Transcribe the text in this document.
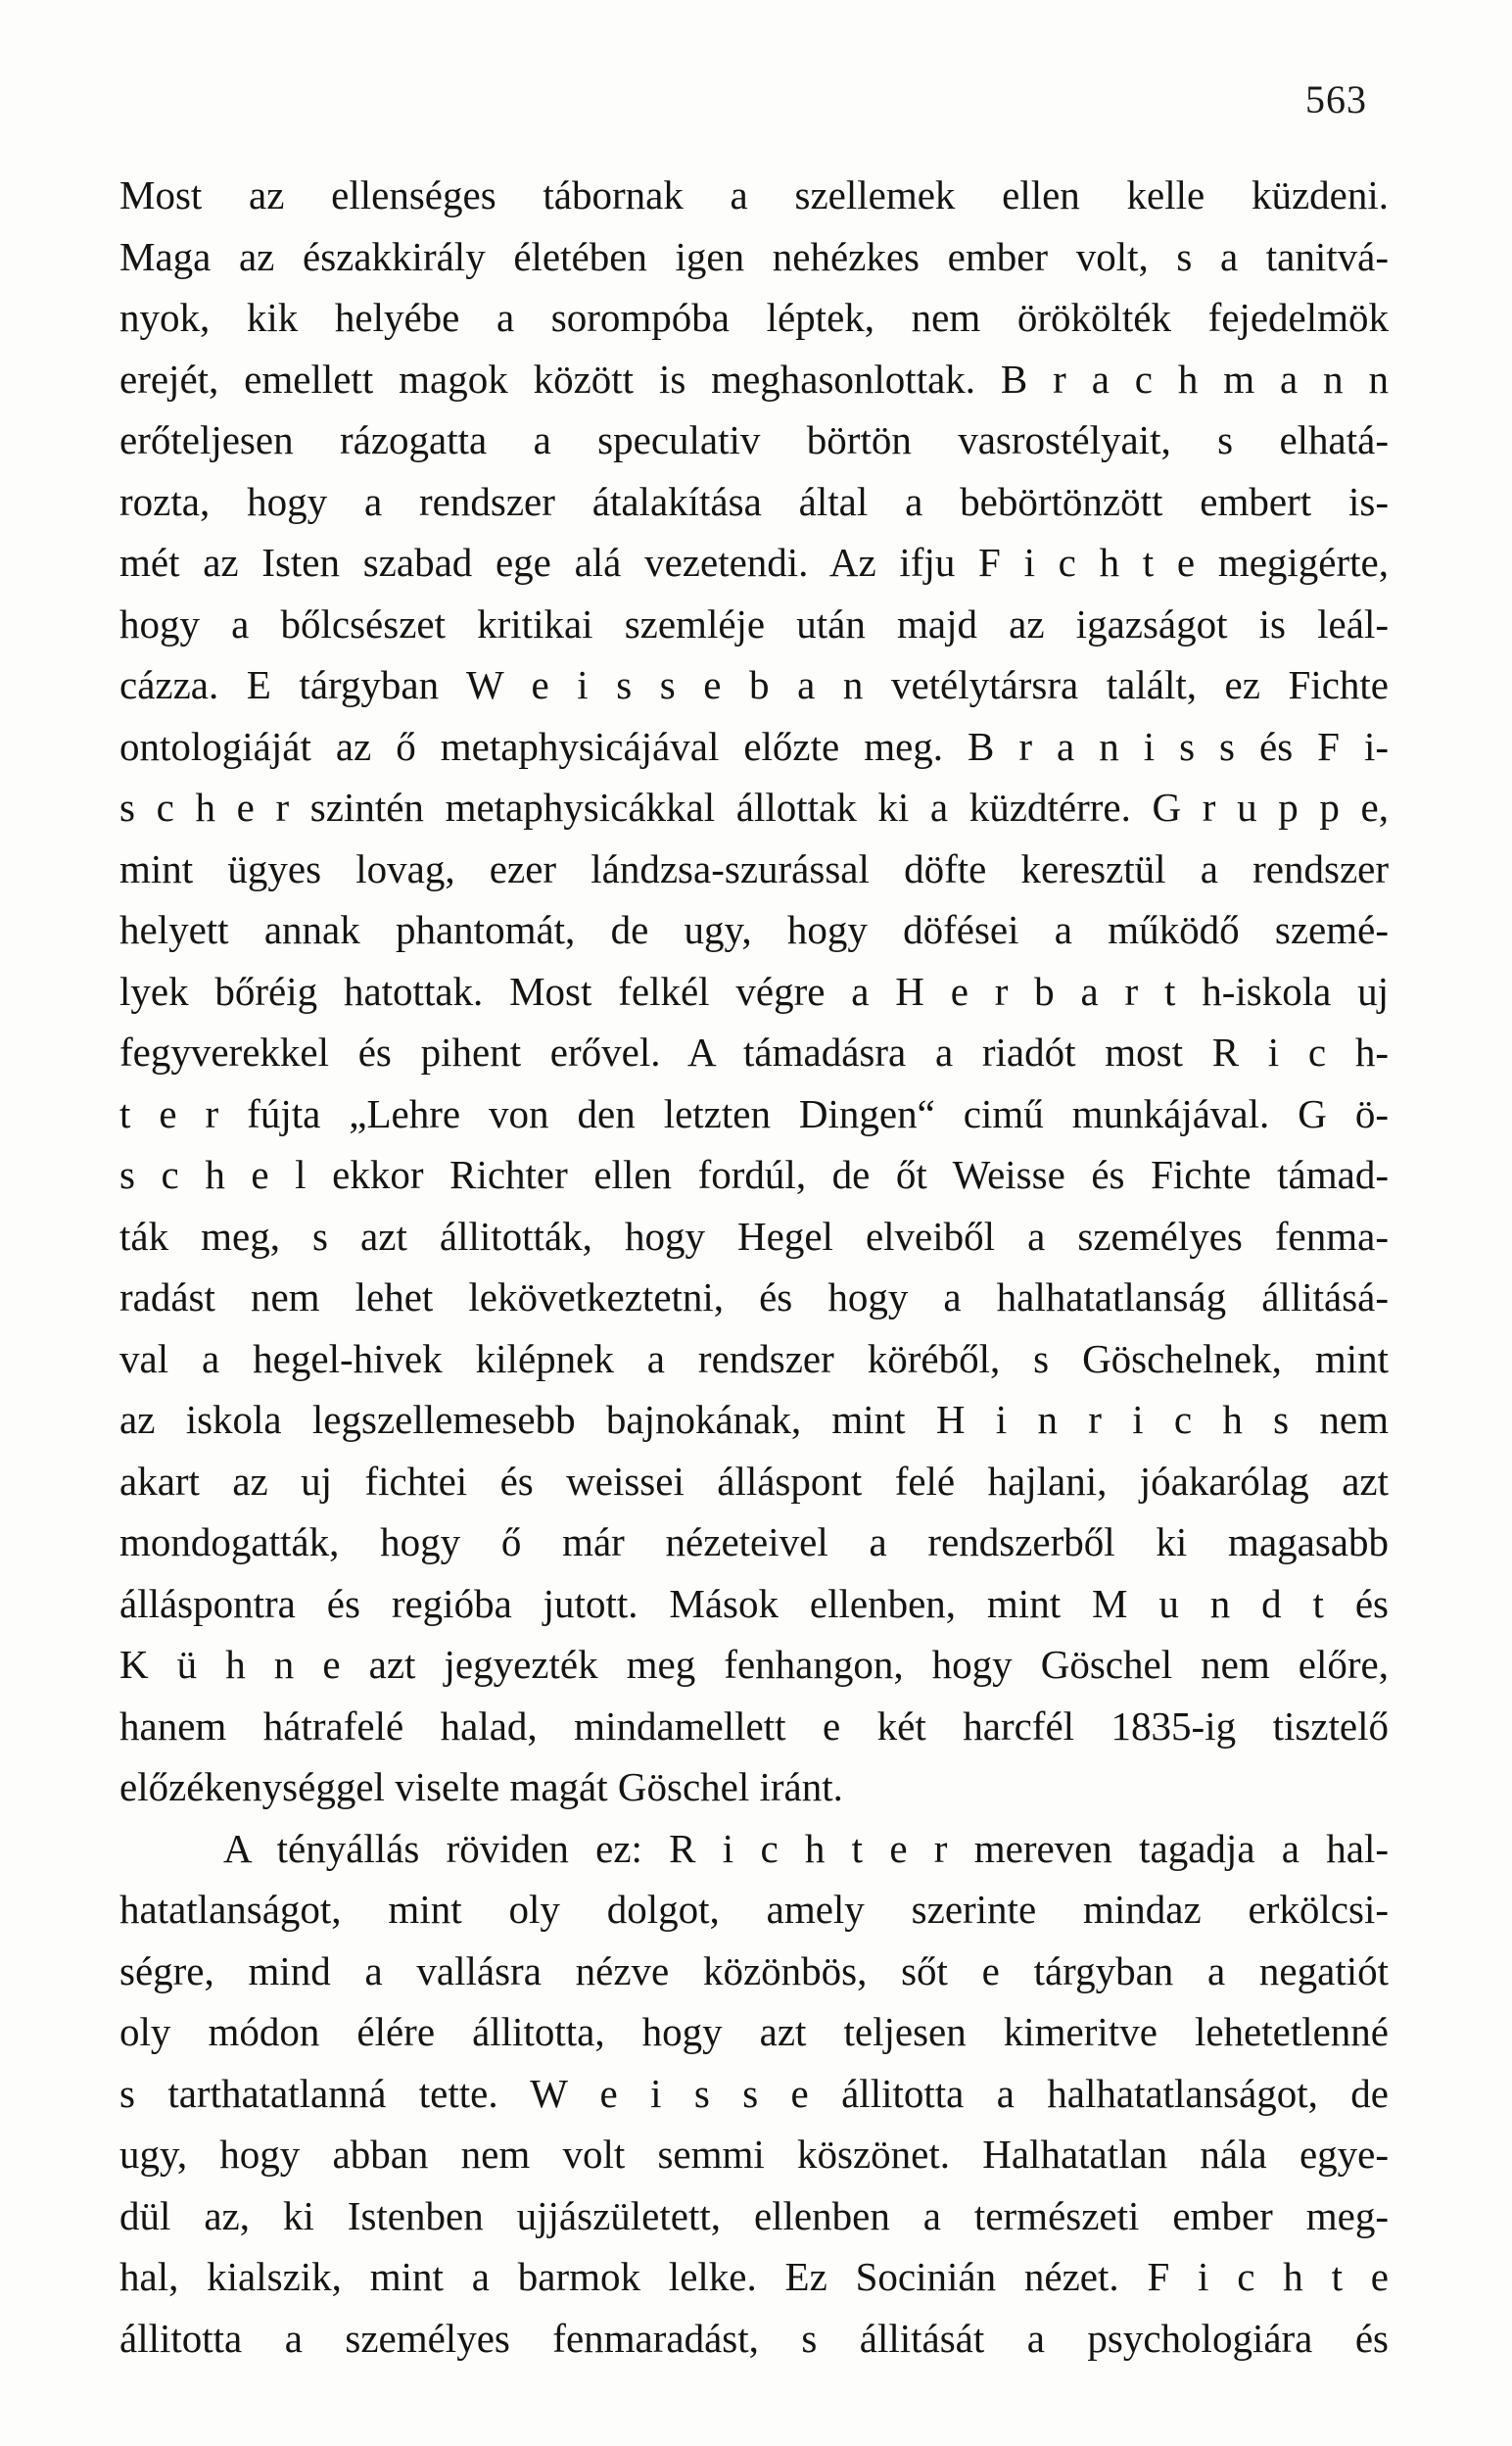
563
Most az ellenséges tábornak a szellemek ellen kelle küzdeni.
Maga az északkirály életében igen nehézkes ember volt, s a tanitvá-
nyok, kik helyébe a sorompóba léptek, nem örökölték fejedelmök
erejét, emellett magok között is meghasonlottak. B r a c h m a n n
erőteljesen rázogatta a speculativ börtön vasrostélyait, s elhatá-
rozta, hogy a rendszer átalakítása által a bebörtönzött embert is-
mét az Isten szabad ege alá vezetendi. Az ifju F i c h t e megigérte,
hogy a bőlcsészet kritikai szemléje után majd az igazságot is leál-
cázza. E tárgyban W e i s s e b a n vetélytársra talált, ez Fichte
ontologiáját az ő metaphysicájával előzte meg. B r a n i s s és F i-
s c h e r szintén metaphysicákkal állottak ki a küzdtérre. G r u p p e,
mint ügyes lovag, ezer lándzsa-szurással döfte keresztül a rendszer
helyett annak phantomát, de ugy, hogy döfései a működő szemé-
lyek bőréig hatottak. Most felkél végre a H e r b a r t h-iskola uj
fegyverekkel és pihent erővel. A támadásra a riadót most R i c h-
t e r fújta „Lehre von den letzten Dingen“ cimű munkájával. G ö-
s c h e l ekkor Richter ellen fordúl, de őt Weisse és Fichte támad-
ták meg, s azt állitották, hogy Hegel elveiből a személyes fenma-
radást nem lehet lekövetkeztetni, és hogy a halhatatlanság állitásá-
val a hegel-hivek kilépnek a rendszer köréből, s Göschelnek, mint
az iskola legszellemesebb bajnokának, mint H i n r i c h s nem
akart az uj fichtei és weissei álláspont felé hajlani, jóakarólag azt
mondogatták, hogy ő már nézeteivel a rendszerből ki magasabb
álláspontra és regióba jutott. Mások ellenben, mint M u n d t és
K ü h n e azt jegyezték meg fenhangon, hogy Göschel nem előre,
hanem hátrafelé halad, mindamellett e két harcfél 1835-ig tisztelő
előzékenységgel viselte magát Göschel iránt.
A tényállás röviden ez: R i c h t e r mereven tagadja a hal-
hatatlanságot, mint oly dolgot, amely szerinte mindaz erkölcsi-
ségre, mind a vallásra nézve közönbös, sőt e tárgyban a negatiót
oly módon élére állitotta, hogy azt teljesen kimeritve lehetetlenné
s tarthatatlanná tette. W e i s s e állitotta a halhatatlanságot, de
ugy, hogy abban nem volt semmi köszönet. Halhatatlan nála egye-
dül az, ki Istenben ujjászületett, ellenben a természeti ember meg-
hal, kialszik, mint a barmok lelke. Ez Socinián nézet. F i c h t e
állitotta a személyes fenmaradást, s állitását a psychologiára és
